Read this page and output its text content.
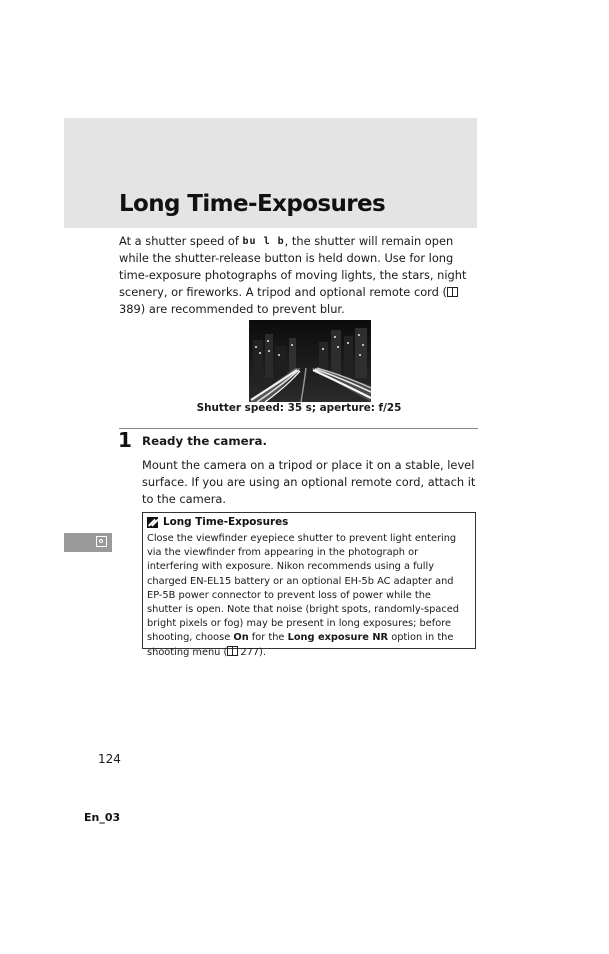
Long Time-Exposures

At a shutter speed of bu l b, the shutter will remain open while the shutter-release button is held down. Use for long time-exposure photographs of moving lights, the stars, night scenery, or fireworks. A tripod and optional remote cord (389) are recommended to prevent blur.

Shutter speed: 35 s; aperture: f/25

1 Ready the camera.

Mount the camera on a tripod or place it on a stable, level surface. If you are using an optional remote cord, attach it to the camera.

Long Time-Exposures

Close the viewfinder eyepiece shutter to prevent light entering via the viewfinder from appearing in the photograph or interfering with exposure. Nikon recommends using a fully charged EN-EL15 battery or an optional EH-5b AC adapter and EP-5B power connector to prevent loss of power while the shutter is open. Note that noise (bright spots, randomly-spaced bright pixels or fog) may be present in long exposures; before shooting, choose On for the Long exposure NR option in the shooting menu ( 277).

124
En_03
